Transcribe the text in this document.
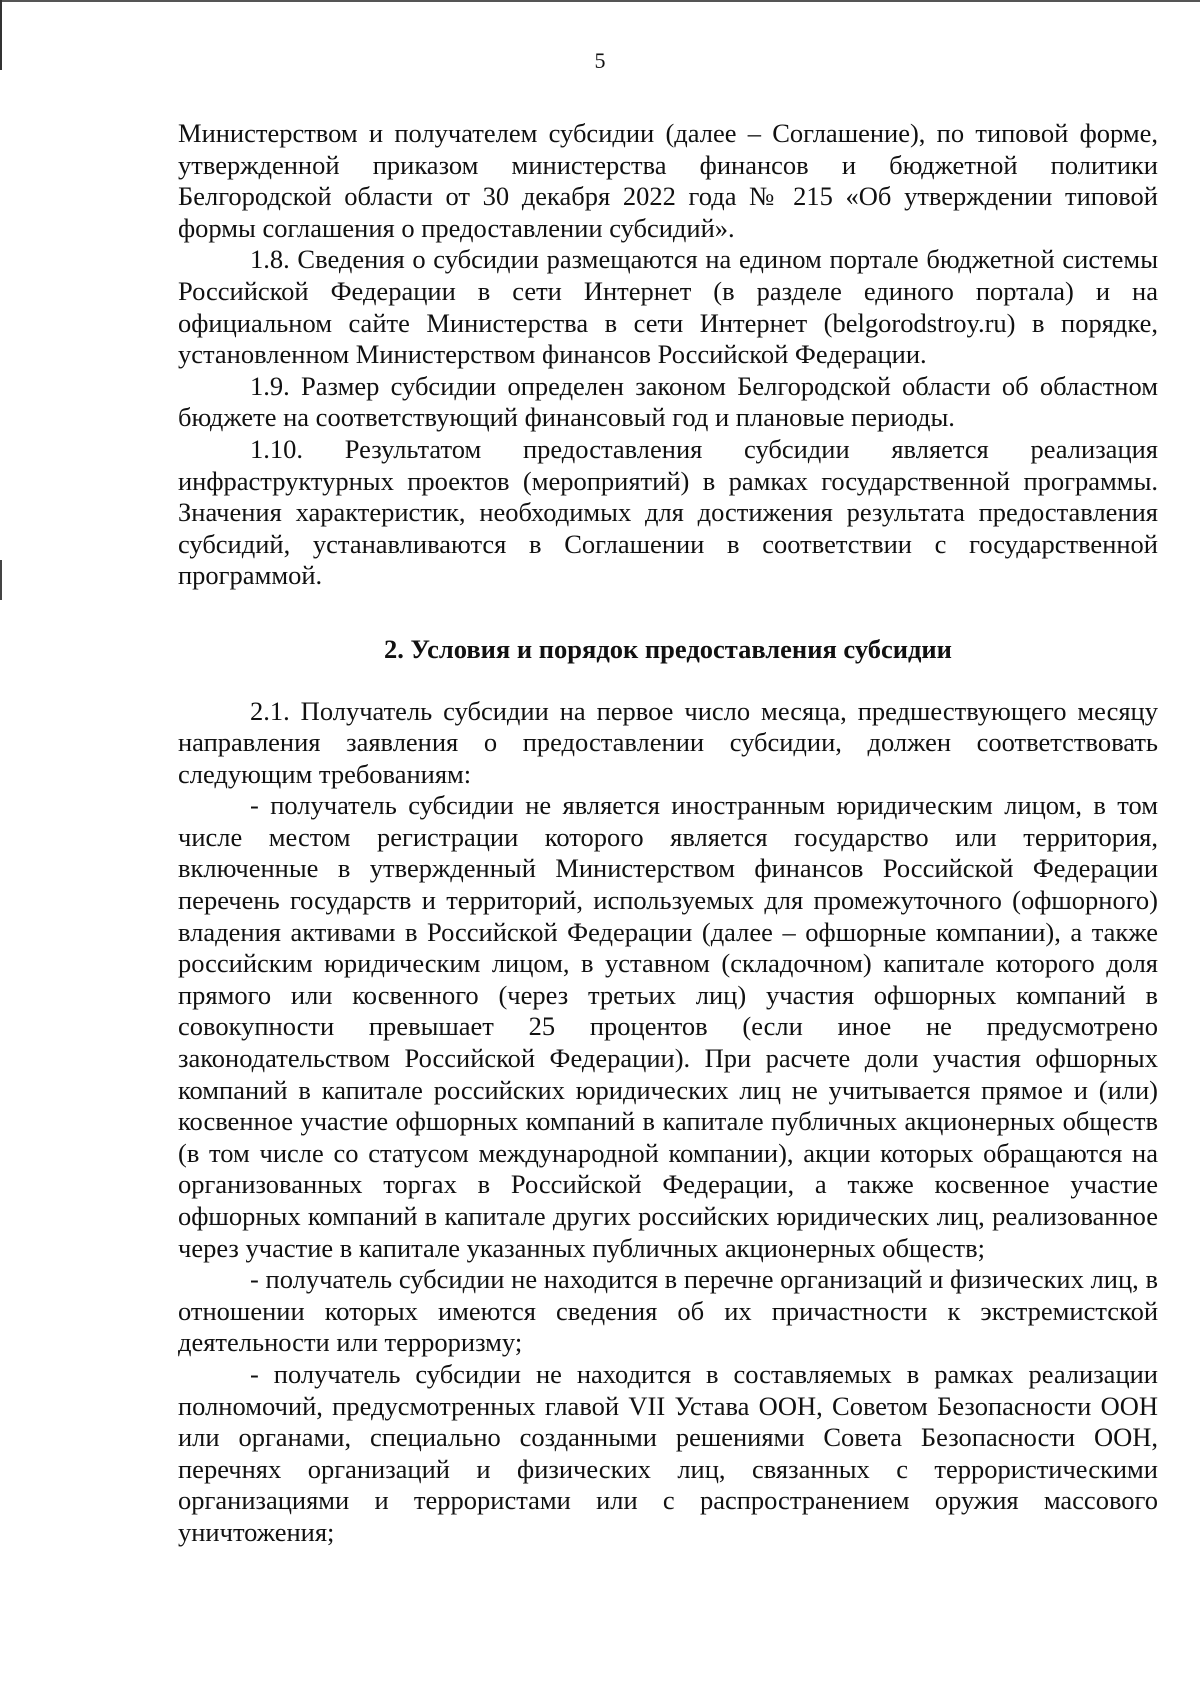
5

Министерством и получателем субсидии (далее – Соглашение), по типовой форме, утвержденной приказом министерства финансов и бюджетной политики Белгородской области от 30 декабря 2022 года № 215 «Об утверждении типовой формы соглашения о предоставлении субсидий».

1.8. Сведения о субсидии размещаются на едином портале бюджетной системы Российской Федерации в сети Интернет (в разделе единого портала) и на официальном сайте Министерства в сети Интернет (belgorodstroy.ru) в порядке, установленном Министерством финансов Российской Федерации.

1.9. Размер субсидии определен законом Белгородской области об областном бюджете на соответствующий финансовый год и плановые периоды.

1.10. Результатом предоставления субсидии является реализация инфраструктурных проектов (мероприятий) в рамках государственной программы. Значения характеристик, необходимых для достижения результата предоставления субсидий, устанавливаются в Соглашении в соответствии с государственной программой.

2. Условия и порядок предоставления субсидии

2.1. Получатель субсидии на первое число месяца, предшествующего месяцу направления заявления о предоставлении субсидии, должен соответствовать следующим требованиям:

- получатель субсидии не является иностранным юридическим лицом, в том числе местом регистрации которого является государство или территория, включенные в утвержденный Министерством финансов Российской Федерации перечень государств и территорий, используемых для промежуточного (офшорного) владения активами в Российской Федерации (далее – офшорные компании), а также российским юридическим лицом, в уставном (складочном) капитале которого доля прямого или косвенного (через третьих лиц) участия офшорных компаний в совокупности превышает 25 процентов (если иное не предусмотрено законодательством Российской Федерации). При расчете доли участия офшорных компаний в капитале российских юридических лиц не учитывается прямое и (или) косвенное участие офшорных компаний в капитале публичных акционерных обществ (в том числе со статусом международной компании), акции которых обращаются на организованных торгах в Российской Федерации, а также косвенное участие офшорных компаний в капитале других российских юридических лиц, реализованное через участие в капитале указанных публичных акционерных обществ;

- получатель субсидии не находится в перечне организаций и физических лиц, в отношении которых имеются сведения об их причастности к экстремистской деятельности или терроризму;

- получатель субсидии не находится в составляемых в рамках реализации полномочий, предусмотренных главой VII Устава ООН, Советом Безопасности ООН или органами, специально созданными решениями Совета Безопасности ООН, перечнях организаций и физических лиц, связанных с террористическими организациями и террористами или с распространением оружия массового уничтожения;
